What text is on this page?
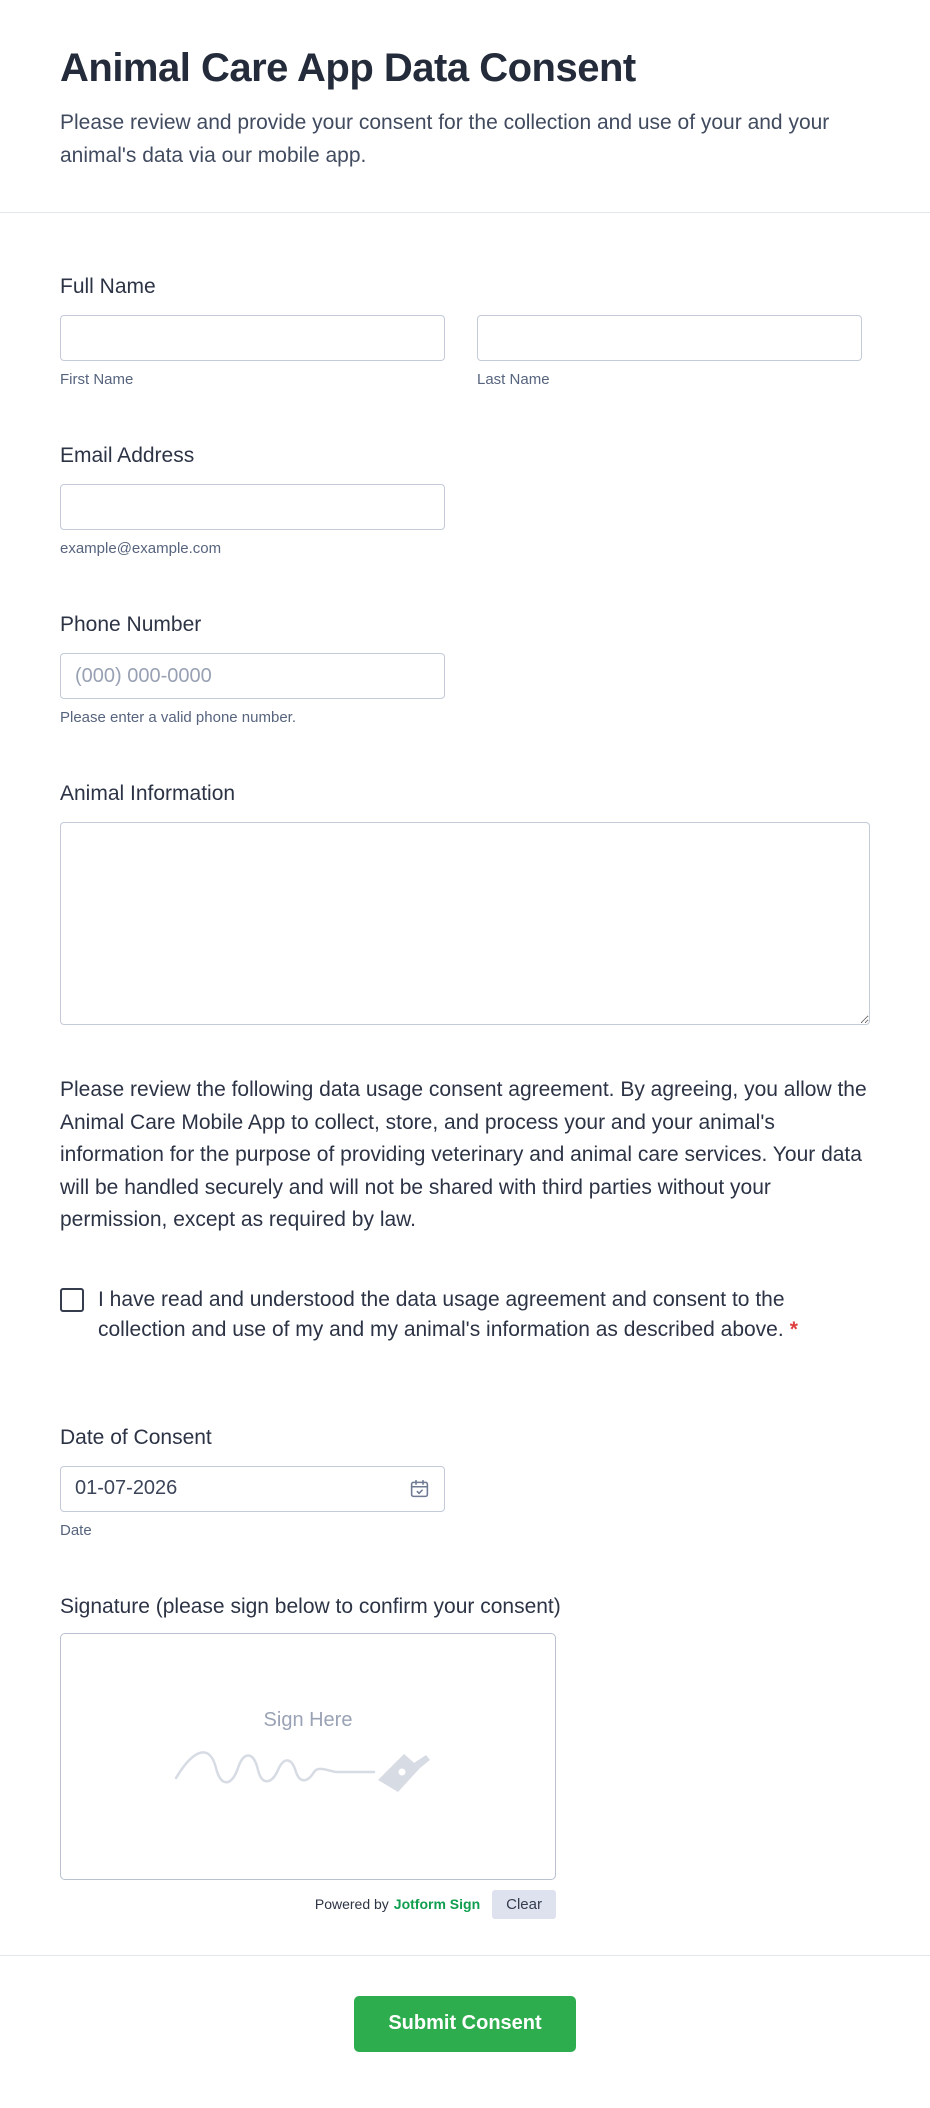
Animal Care App Data Consent

Please review and provide your consent for the collection and use of your and your animal's data via our mobile app.

Full Name
First Name	Last Name
Email Address
example@example.com
Phone Number
(000) 000-0000
Please enter a valid phone number.
Animal Information

Please review the following data usage consent agreement. By agreeing, you allow the Animal Care Mobile App to collect, store, and process your and your animal's information for the purpose of providing veterinary and animal care services. Your data will be handled securely and will not be shared with third parties without your permission, except as required by law.

I have read and understood the data usage agreement and consent to the collection and use of my and my animal's information as described above. *
Date of Consent
01-07-2026
Date
Signature (please sign below to confirm your consent)
Sign Here
Powered by Jotform Sign	Clear
Submit Consent
